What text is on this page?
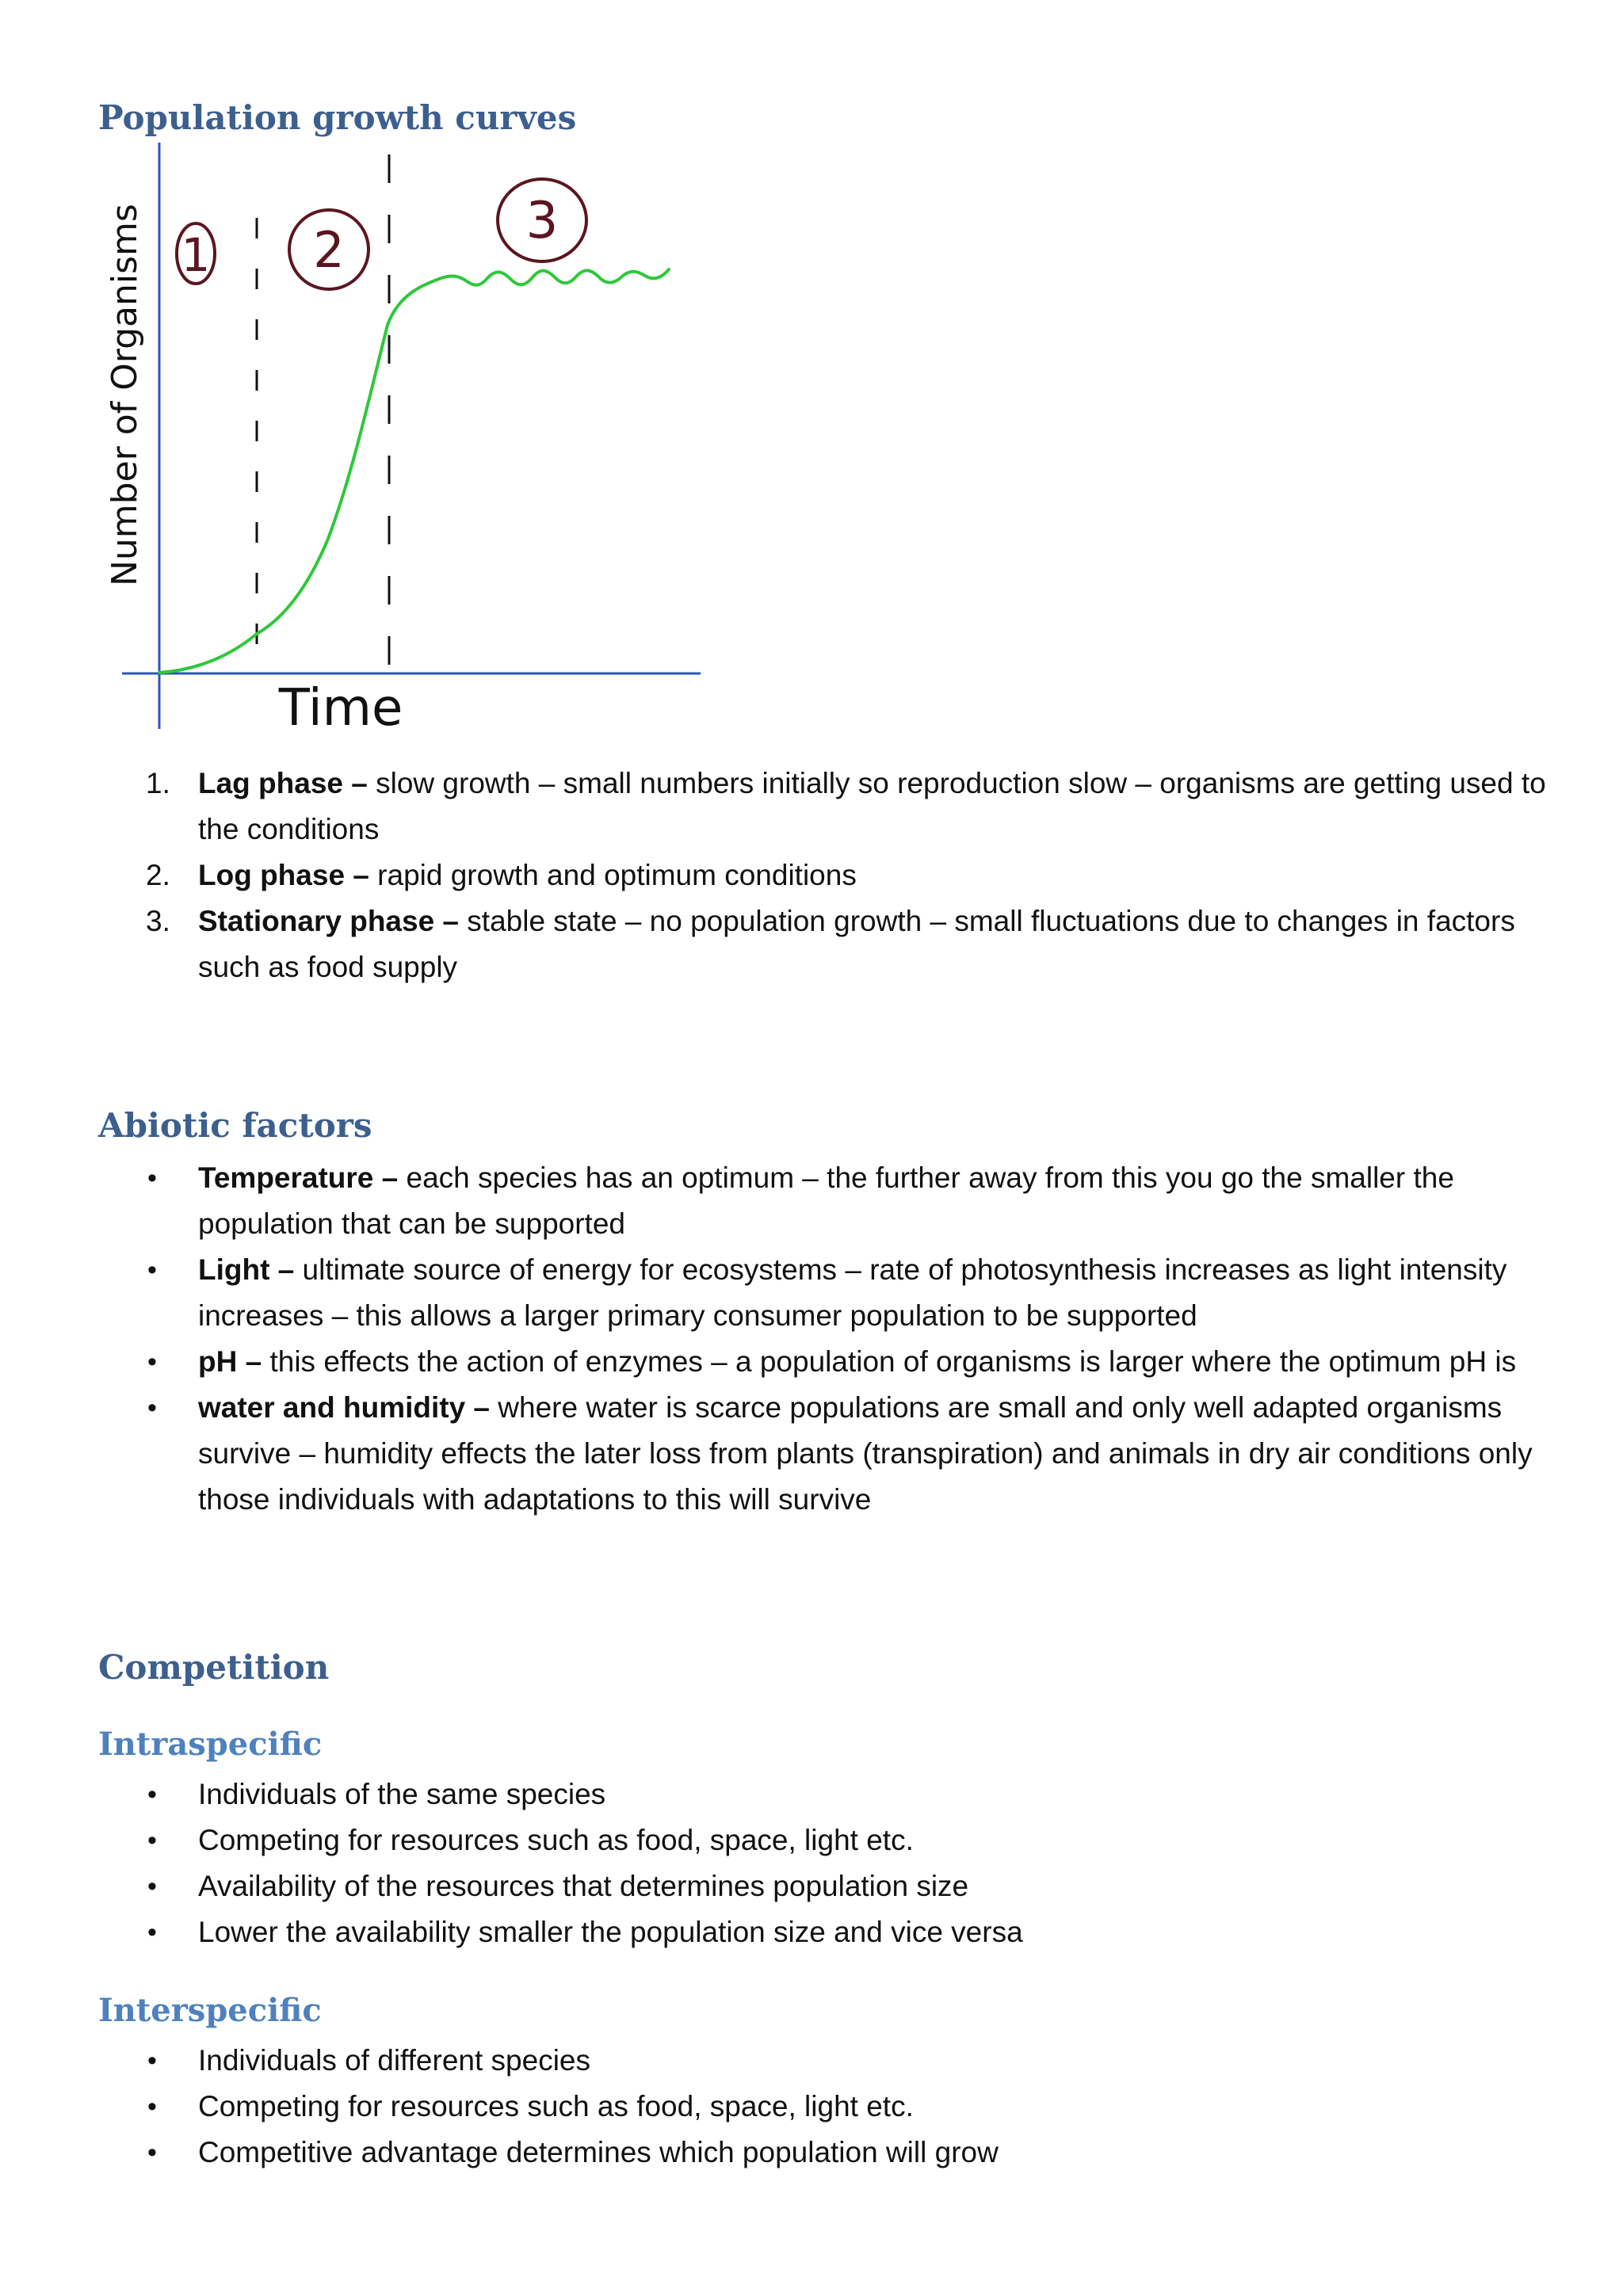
Population growth curves
1 2	3
Number of Organisms
Time
1. Lag phase – slow growth – small numbers initially so reproduction slow – organisms are getting used to the conditions
2. Log phase – rapid growth and optimum conditions
3. Stationary phase – stable state – no population growth – small fluctuations due to changes in factors such as food supply
Abiotic factors
• Temperature – each species has an optimum – the further away from this you go the smaller the population that can be supported
• Light – ultimate source of energy for ecosystems – rate of photosynthesis increases as light intensity increases – this allows a larger primary consumer population to be supported
• pH – this effects the action of enzymes – a population of organisms is larger where the optimum pH is
• water and humidity – where water is scarce populations are small and only well adapted organisms survive – humidity effects the later loss from plants (transpiration) and animals in dry air conditions only those individuals with adaptations to this will survive
Competition
Intraspecific
• Individuals of the same species
• Competing for resources such as food, space, light etc.
• Availability of the resources that determines population size
• Lower the availability smaller the population size and vice versa
Interspecific
• Individuals of different species
• Competing for resources such as food, space, light etc.
• Competitive advantage determines which population will grow
